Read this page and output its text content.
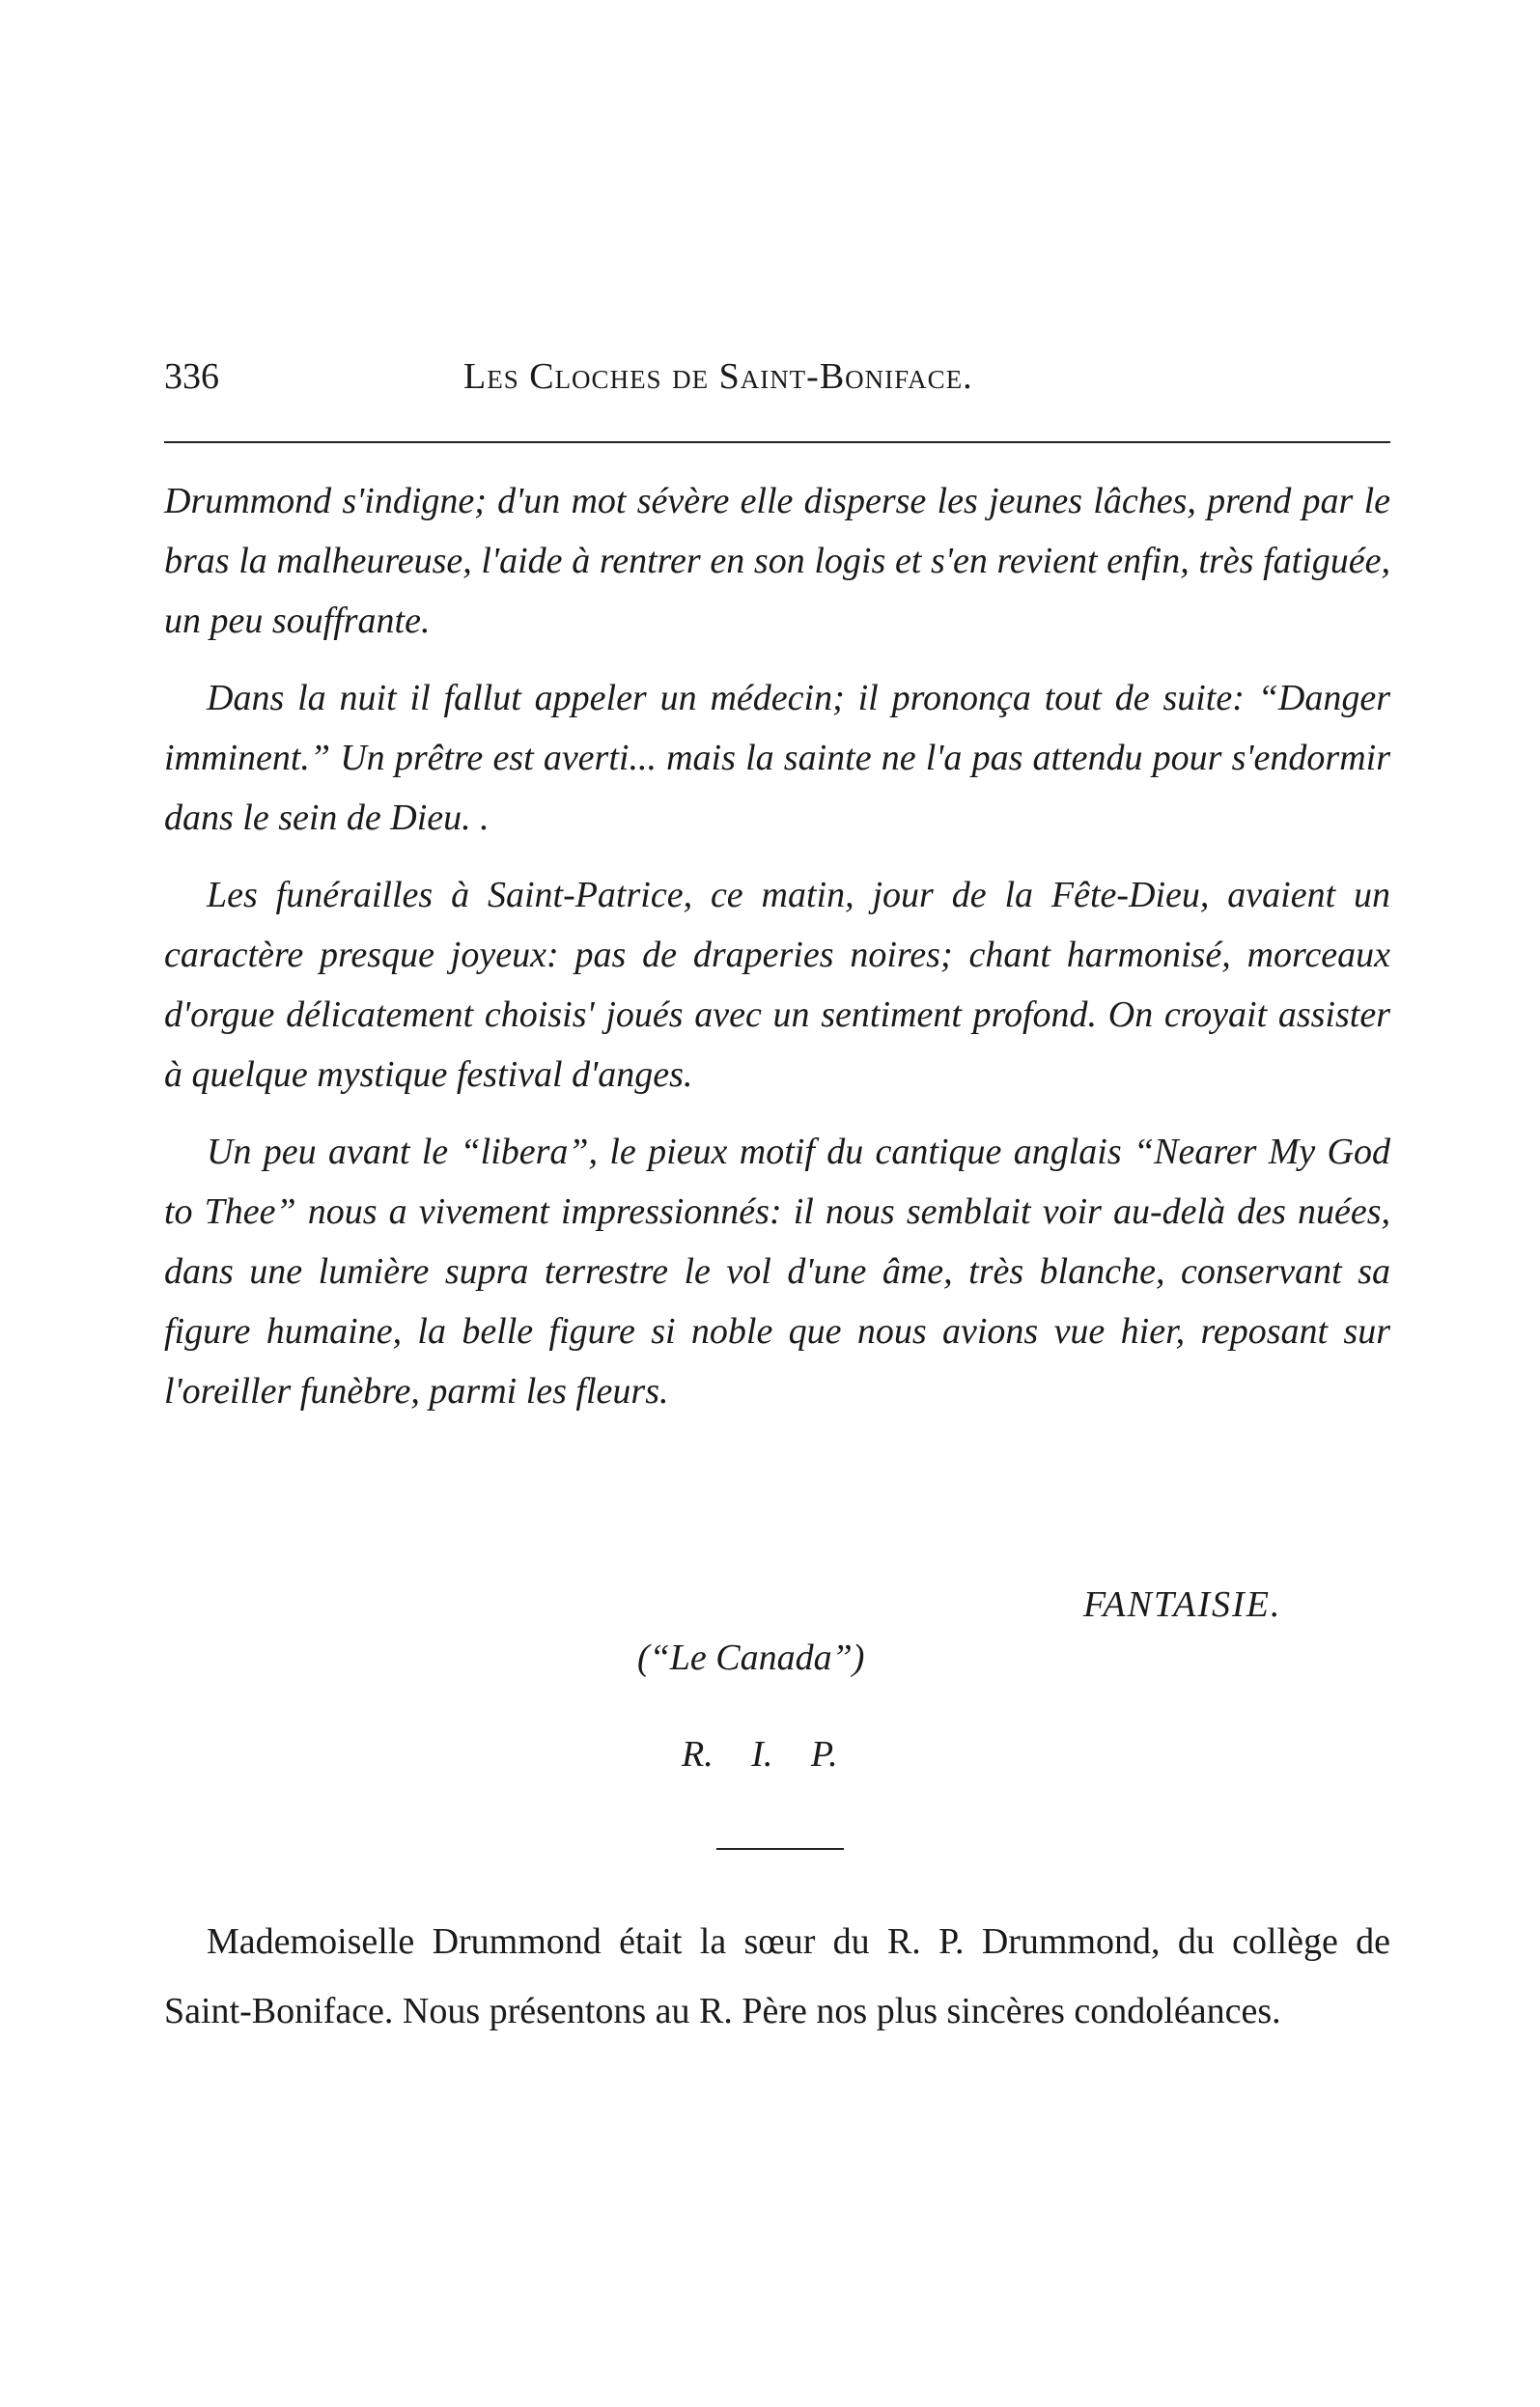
336	Les Cloches de Saint-Boniface.

Drummond s'indigne; d'un mot sévère elle disperse les jeunes lâches, prend par le bras la malheureuse, l'aide à rentrer en son logis et s'en revient enfin, très fatiguée, un peu souffrante.

Dans la nuit il fallut appeler un médecin; il prononça tout de suite: “Danger imminent.” Un prêtre est averti... mais la sainte ne l'a pas attendu pour s'endormir dans le sein de Dieu. .

Les funérailles à Saint-Patrice, ce matin, jour de la Fête-Dieu, avaient un caractère presque joyeux: pas de draperies noires; chant harmonisé, morceaux d'orgue délicatement choisis' joués avec un sentiment profond. On croyait assister à quelque mystique festival d'anges.

Un peu avant le “libera”, le pieux motif du cantique anglais “Nearer My God to Thee” nous a vivement impressionnés: il nous semblait voir au-delà des nuées, dans une lumière supra terrestre le vol d'une âme, très blanche, conservant sa figure humaine, la belle figure si noble que nous avions vue hier, reposant sur l'oreiller funèbre, parmi les fleurs.

FANTAISIE.
(“Le Canada”)
R. I. P.

Mademoiselle Drummond était la sœur du R. P. Drummond, du collège de Saint-Boniface. Nous présentons au R. Père nos plus sincères condoléances.
